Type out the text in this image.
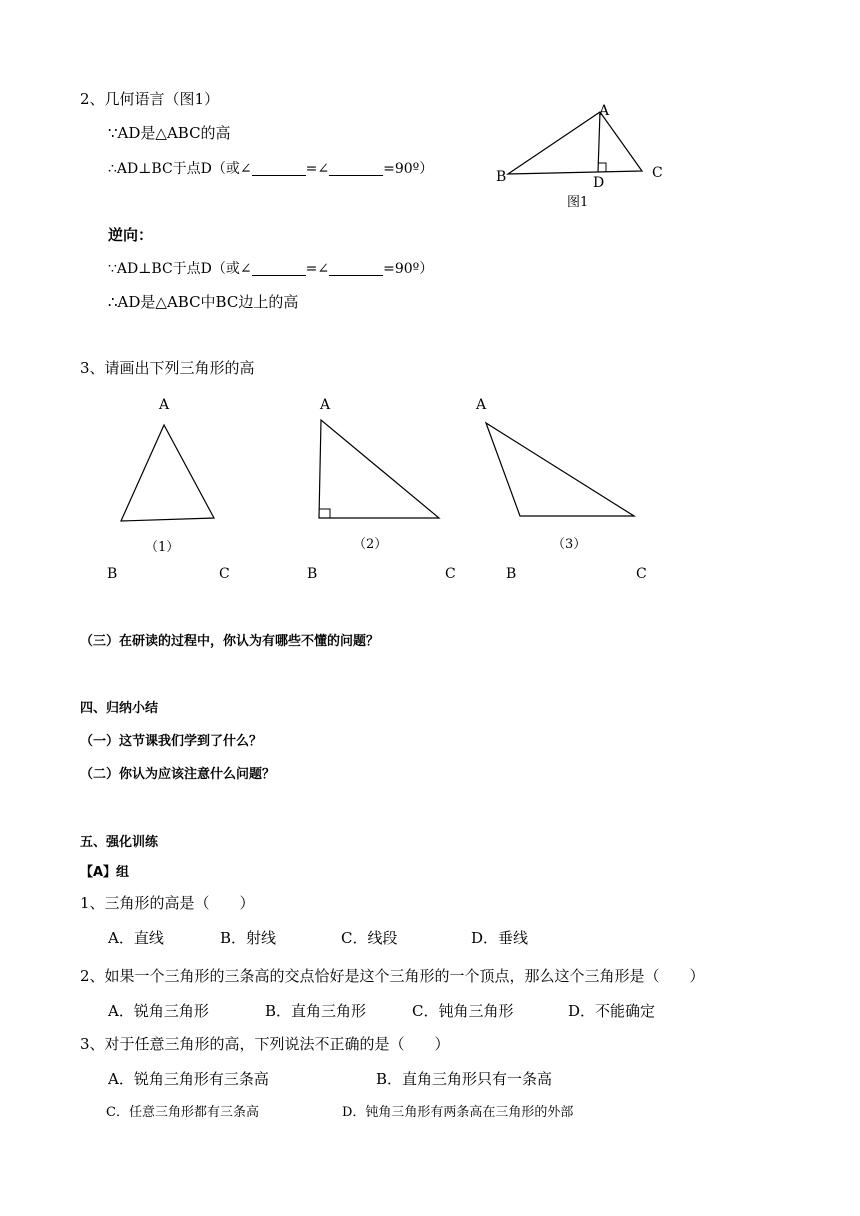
2、几何语言（图1）
∵AD是△ABC的高
∴AD⊥BC于点D（或∠	=∠	=90º）
A
B	C
D
图1
逆向：
∵AD⊥BC于点D（或∠	=∠	=90º）
∴AD是△ABC中BC边上的高
3、请画出下列三角形的高
A	A	A
（1）	（2）	（3）
B	C	B	C	B	C
（三）在研读的过程中，你认为有哪些不懂的问题？
四、归纳小结
（一）这节课我们学到了什么？
（二）你认为应该注意什么问题？
五、强化训练
【A】组
1、三角形的高是（　　）
A．直线	B．射线	C．线段	D．垂线
2、如果一个三角形的三条高的交点恰好是这个三角形的一个顶点，那么这个三角形是（　　）
A．锐角三角形	B．直角三角形	C．钝角三角形	D．不能确定
3、对于任意三角形的高，下列说法不正确的是（　　）
A．锐角三角形有三条高	B．直角三角形只有一条高
C．任意三角形都有三条高	D．钝角三角形有两条高在三角形的外部
